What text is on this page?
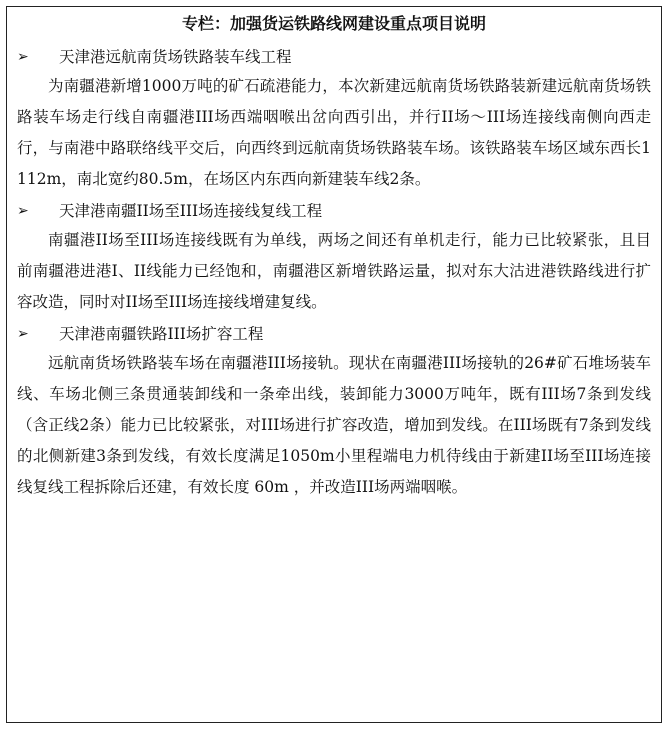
专栏：加强货运铁路线网建设重点项目说明
➢	天津港远航南货场铁路装车线工程

为南疆港新增1000万吨的矿石疏港能力，本次新建远航南货场铁路装新建远航南货场铁路装车场走行线自南疆港III场西端咽喉出岔向西引出，并行II场～III场连接线南侧向西走行，与南港中路联络线平交后，向西终到远航南货场铁路装车场。该铁路装车场区域东西长1112m，南北宽约80.5m，在场区内东西向新建装车线2条。

➢	天津港南疆II场至III场连接线复线工程

南疆港II场至III场连接线既有为单线，两场之间还有单机走行，能力已比较紧张，且目前南疆港进港I、II线能力已经饱和，南疆港区新增铁路运量，拟对东大沽进港铁路线进行扩容改造，同时对II场至III场连接线增建复线。

➢	天津港南疆铁路III场扩容工程

远航南货场铁路装车场在南疆港III场接轨。现状在南疆港III场接轨的26#矿石堆场装车线、车场北侧三条贯通装卸线和一条牵出线，装卸能力3000万吨年，既有III场7条到发线（含正线2条）能力已比较紧张，对III场进行扩容改造，增加到发线。在III场既有7条到发线的北侧新建3条到发线，有效长度满足1050m小里程端电力机待线由于新建II场至III场连接线复线工程拆除后还建，有效长度 60m ，并改造III场两端咽喉。
